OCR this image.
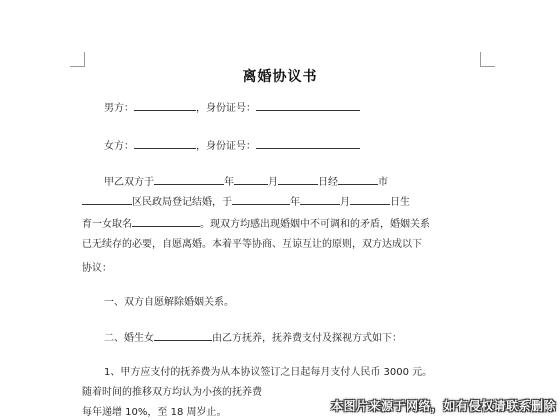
离婚协议书
男方：	，身份证号：
女方：	，身份证号：
甲乙双方于	年	月	日经	市
区民政局登记结婚，于	年	月	日生
育一女取名	。现双方均感出现婚姻中不可调和的矛盾，婚姻关系
已无续存的必要，自愿离婚。本着平等协商、互谅互让的原则，双方达成以下
协议：
一、双方自愿解除婚姻关系。
二、婚生女	由乙方抚养，抚养费支付及探视方式如下：
1、甲方应支付的抚养费为从本协议签订之日起每月支付人民币 3000 元。
随着时间的推移双方均认为小孩的抚养费
每年递增 10%，至 18 周岁止。	本图片来源于网络，如有侵权请联系删除
